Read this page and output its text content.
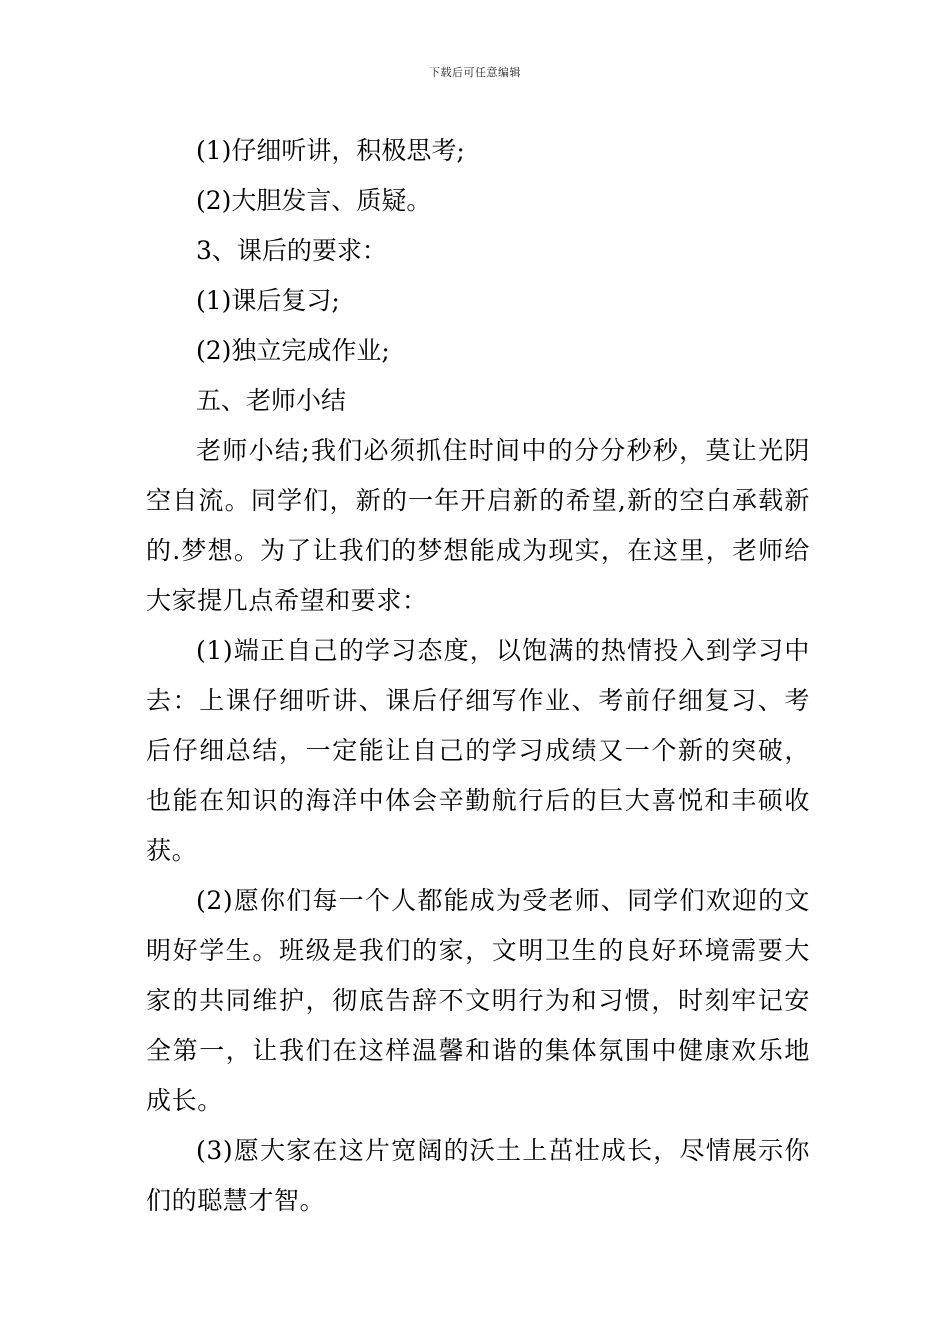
下载后可任意编辑
(1)仔细听讲，积极思考;
(2)大胆发言、质疑。
3、课后的要求：
(1)课后复习;
(2)独立完成作业;
五、老师小结

老师小结;我们必须抓住时间中的分分秒秒，莫让光阴空自流。同学们，新的一年开启新的希望,新的空白承载新的.梦想。为了让我们的梦想能成为现实，在这里，老师给大家提几点希望和要求：

(1)端正自己的学习态度，以饱满的热情投入到学习中去：上课仔细听讲、课后仔细写作业、考前仔细复习、考后仔细总结，一定能让自己的学习成绩又一个新的突破，也能在知识的海洋中体会辛勤航行后的巨大喜悦和丰硕收获。

(2)愿你们每一个人都能成为受老师、同学们欢迎的文明好学生。班级是我们的家，文明卫生的良好环境需要大家的共同维护，彻底告辞不文明行为和习惯，时刻牢记安全第一，让我们在这样温馨和谐的集体氛围中健康欢乐地成长。

(3)愿大家在这片宽阔的沃土上茁壮成长，尽情展示你们的聪慧才智。
